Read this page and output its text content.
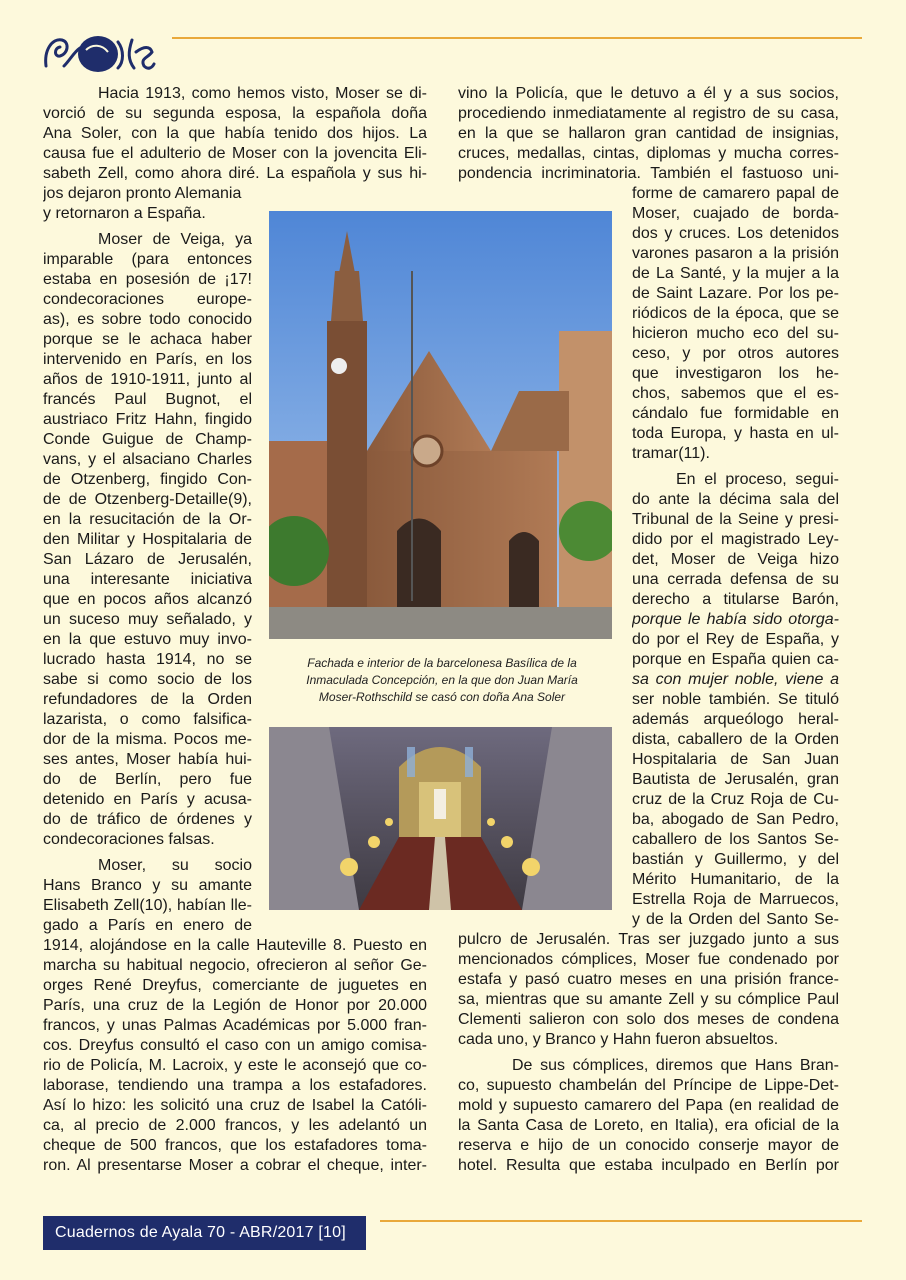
Hacia 1913, como hemos visto, Moser se di-
vorció de su segunda esposa, la española doña
Ana Soler, con la que había tenido dos hijos. La
causa fue el adulterio de Moser con la jovencita Eli-
sabeth Zell, como ahora diré. La española y sus hi-
jos dejaron pronto Alemania
y retornaron a España.
Moser de Veiga, ya
imparable (para entonces
estaba en posesión de ¡17!
condecoraciones europe-
as), es sobre todo conocido
porque se le achaca haber
intervenido en París, en los
años de 1910-1911, junto al
francés Paul Bugnot, el
austriaco Fritz Hahn, fingido
Conde Guigue de Champ-
vans, y el alsaciano Charles
de Otzenberg, fingido Con-
de de Otzenberg-Detaille(9),
en la resucitación de la Or-
den Militar y Hospitalaria de
San Lázaro de Jerusalén,
una interesante iniciativa
que en pocos años alcanzó
un suceso muy señalado, y
en la que estuvo muy invo-
lucrado hasta 1914, no se
sabe si como socio de los
refundadores de la Orden
lazarista, o como falsifica-
dor de la misma. Pocos me-
ses antes, Moser había hui-
do de Berlín, pero fue
detenido en París y acusa-
do de tráfico de órdenes y
condecoraciones falsas.
Moser, su socio
Hans Branco y su amante
Elisabeth Zell(10), habían lle-
gado a París en enero de
1914, alojándose en la calle Hauteville 8. Puesto en
marcha su habitual negocio, ofrecieron al señor Ge-
orges René Dreyfus, comerciante de juguetes en
París, una cruz de la Legión de Honor por 20.000
francos, y unas Palmas Académicas por 5.000 fran-
cos. Dreyfus consultó el caso con un amigo comisa-
rio de Policía, M. Lacroix, y este le aconsejó que co-
laborase, tendiendo una trampa a los estafadores.
Así lo hizo: les solicitó una cruz de Isabel la Católi-
ca, al precio de 2.000 francos, y les adelantó un
cheque de 500 francos, que los estafadores toma-
ron. Al presentarse Moser a cobrar el cheque, inter-
Fachada e interior de la barcelonesa Basílica de la
Inmaculada Concepción, en la que don Juan María
Moser-Rothschild se casó con doña Ana Soler
vino la Policía, que le detuvo a él y a sus socios,
procediendo inmediatamente al registro de su casa,
en la que se hallaron gran cantidad de insignias,
cruces, medallas, cintas, diplomas y mucha corres-
pondencia incriminatoria. También el fastuoso uni-
forme de camarero papal de
Moser, cuajado de borda-
dos y cruces. Los detenidos
varones pasaron a la prisión
de La Santé, y la mujer a la
de Saint Lazare. Por los pe-
riódicos de la época, que se
hicieron mucho eco del su-
ceso, y por otros autores
que investigaron los he-
chos, sabemos que el es-
cándalo fue formidable en
toda Europa, y hasta en ul-
tramar(11).
En el proceso, segui-
do ante la décima sala del
Tribunal de la Seine y presi-
dido por el magistrado Ley-
det, Moser de Veiga hizo
una cerrada defensa de su
derecho a titularse Barón,
porque le había sido otorga-
do por el Rey de España, y
porque en España quien ca-
sa con mujer noble, viene a
ser noble también. Se tituló
además arqueólogo heral-
dista, caballero de la Orden
Hospitalaria de San Juan
Bautista de Jerusalén, gran
cruz de la Cruz Roja de Cu-
ba, abogado de San Pedro,
caballero de los Santos Se-
bastián y Guillermo, y del
Mérito Humanitario, de la
Estrella Roja de Marruecos,
y de la Orden del Santo Se-
pulcro de Jerusalén. Tras ser juzgado junto a sus
mencionados cómplices, Moser fue condenado por
estafa y pasó cuatro meses en una prisión france-
sa, mientras que su amante Zell y su cómplice Paul
Clementi salieron con solo dos meses de condena
cada uno, y Branco y Hahn fueron absueltos.
De sus cómplices, diremos que Hans Bran-
co, supuesto chambelán del Príncipe de Lippe-Det-
mold y supuesto camarero del Papa (en realidad de
la Santa Casa de Loreto, en Italia), era oficial de la
reserva e hijo de un conocido conserje mayor de
hotel. Resulta que estaba inculpado en Berlín por
Cuadernos de Ayala 70 - ABR/2017 [10]
